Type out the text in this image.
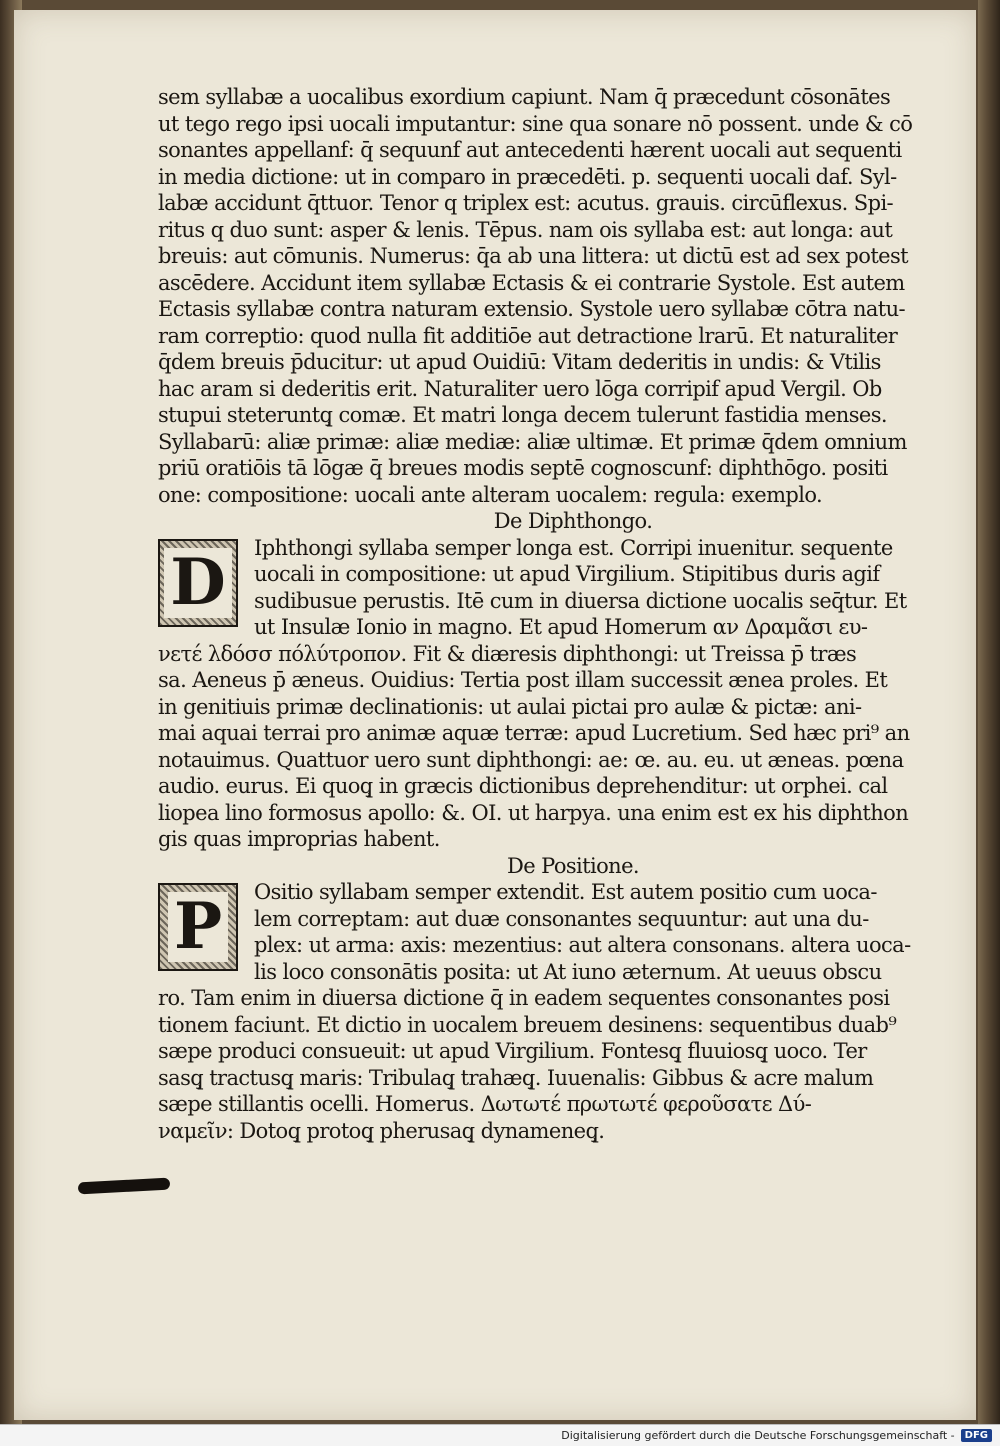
sem syllabæ a uocalibus exordium capiunt. Nam q̄ præcedunt cōsonātes
ut tego rego ipsi uocali imputantur: sine qua sonare nō possent. unde & cō
sonantes appellanf: q̄ sequunf aut antecedenti hærent uocali aut sequenti
in media dictione: ut in comparo in præcedēti. p. sequenti uocali daf. Syl-
labæ accidunt q̄ttuor. Tenor q triplex est: acutus. grauis. circūflexus. Spi-
ritus q duo sunt: asper & lenis. Tēpus. nam ois syllaba est: aut longa: aut
breuis: aut cōmunis. Numerus: q̄a ab una littera: ut dictū est ad sex potest
ascēdere. Accidunt item syllabæ Ectasis & ei contrarie Systole. Est autem
Ectasis syllabæ contra naturam extensio. Systole uero syllabæ cōtra natu-
ram correptio: quod nulla fit additiōe aut detractione lrarū. Et naturaliter
q̄dem breuis p̄ducitur: ut apud Ouidiū: Vitam dederitis in undis: & Vtilis
hac aram si dederitis erit. Naturaliter uero lōga corripif apud Vergil. Ob
stupui steteruntq̧ comæ. Et matri longa decem tulerunt fastidia menses.
Syllabarū: aliæ primæ: aliæ mediæ: aliæ ultimæ. Et primæ q̄dem omnium
priū oratiōis tā lōgæ q̄ breues modis septē cognoscunf: diphthōgo. positi
one: compositione: uocali ante alteram uocalem: regula: exemplo.
De Diphthongo.
D	Iphthongi syllaba semper longa est. Corripi inuenitur. sequente
uocali in compositione: ut apud Virgilium. Stipitibus duris agif
sudibusue perustis. Itē cum in diuersa dictione uocalis seq̄tur. Et
ut Insulæ Ionio in magno. Et apud Homerum αν Δραμᾶσι ευ-
νετέ λδόσσ πόλύτροπον. Fit & diæresis diphthongi: ut Treissa p̄ træs
sa. Aeneus p̄ æneus. Ouidius: Tertia post illam successit ænea proles. Et
in genitiuis primæ declinationis: ut aulai pictai pro aulæ & pictæ: ani-
mai aquai terrai pro animæ aquæ terræ: apud Lucretium. Sed hæc pri⁹ an
notauimus. Quattuor uero sunt diphthongi: ae: œ. au. eu. ut æneas. pœna
audio. eurus. Ei quoq̧ in græcis dictionibus deprehenditur: ut orphei. cal
liopea lino formosus apollo: &. OI. ut harpya. una enim est ex his diphthon
gis quas improprias habent.
De Positione.
P	Ositio syllabam semper extendit. Est autem positio cum uoca-
lem correptam: aut duæ consonantes sequuntur: aut una du-
plex: ut arma: axis: mezentius: aut altera consonans. altera uoca-
lis loco consonātis posita: ut At iuno æternum. At ueuus obscu
ro. Tam enim in diuersa dictione q̄ in eadem sequentes consonantes posi
tionem faciunt. Et dictio in uocalem breuem desinens: sequentibus duab⁹
sæpe produci consueuit: ut apud Virgilium. Fontesq̧ fluuiosq̧ uoco. Ter
sasq̧ tractusq̧ maris: Tribulaq̧ trahæq̧. Iuuenalis: Gibbus & acre malum
sæpe stillantis ocelli. Homerus. Δωτωτέ πρωτωτέ φεροῦσατε Δύ-
ναμεῖν: Dotoq̧ protoq̧ pherusaq̧ dynameneq̧.
Digitalisierung gefördert durch die Deutsche Forschungsgemeinschaft -	DFG
